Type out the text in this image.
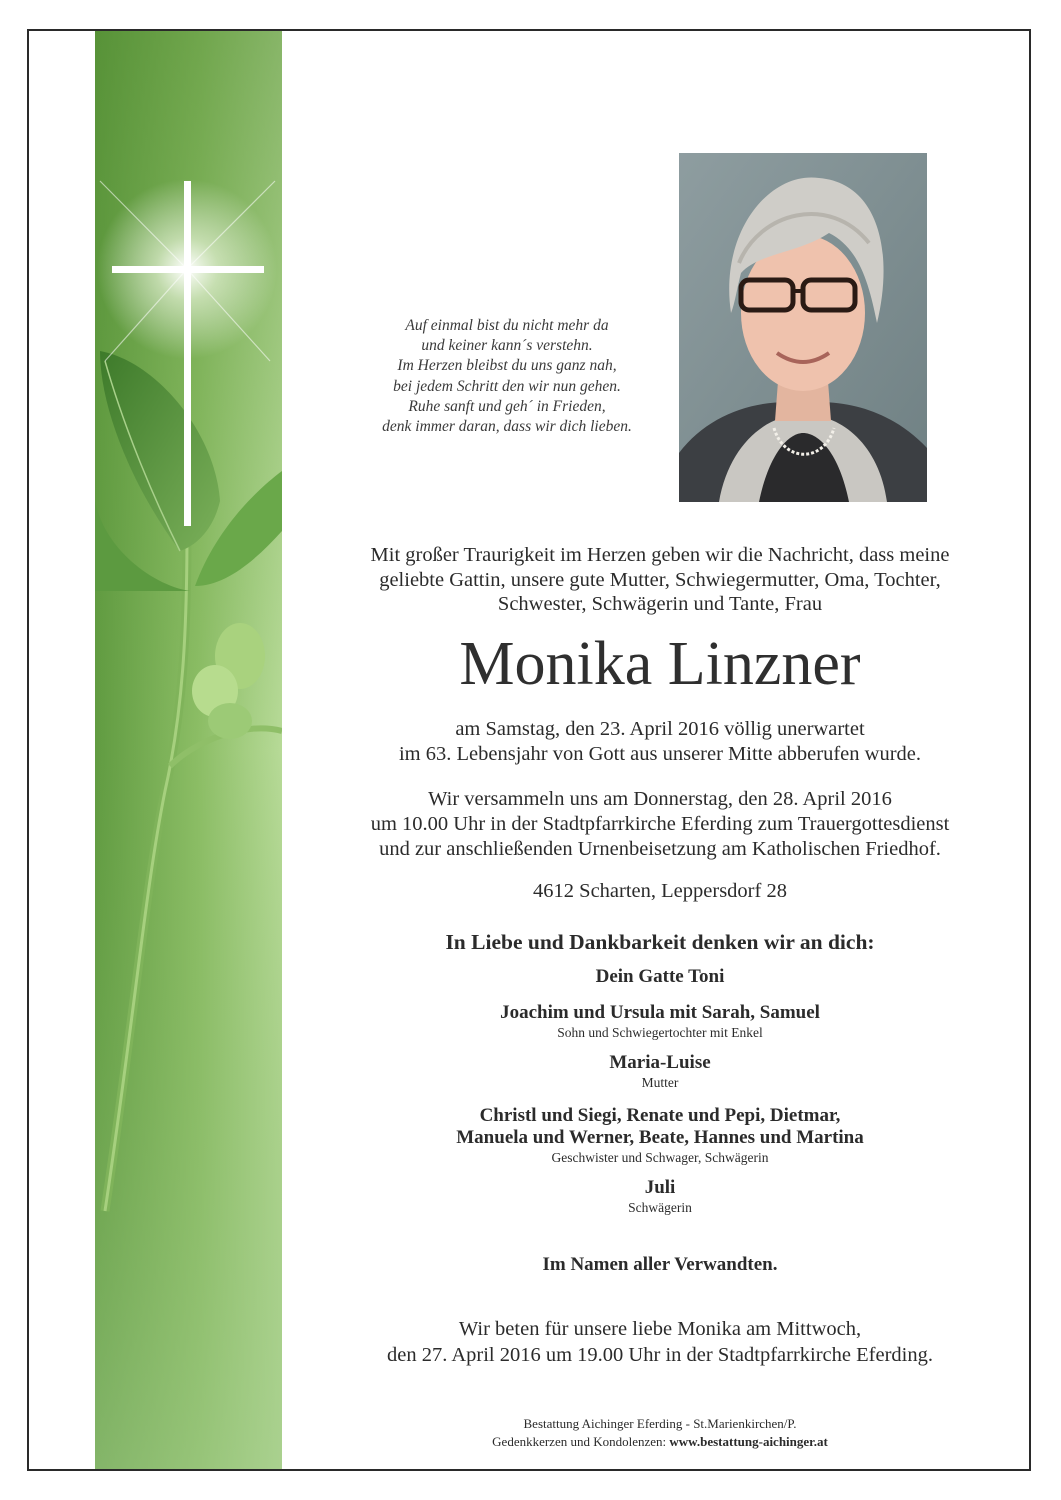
Auf einmal bist du nicht mehr da
und keiner kann´s verstehn.
Im Herzen bleibst du uns ganz nah,
bei jedem Schritt den wir nun gehen.
Ruhe sanft und geh´ in Frieden,
denk immer daran, dass wir dich lieben.
Mit großer Traurigkeit im Herzen geben wir die Nachricht, dass meine
geliebte Gattin, unsere gute Mutter, Schwiegermutter, Oma, Tochter,
Schwester, Schwägerin und Tante, Frau
Monika Linzner
am Samstag, den 23. April 2016 völlig unerwartet
im 63. Lebensjahr von Gott aus unserer Mitte abberufen wurde.
Wir versammeln uns am Donnerstag, den 28. April 2016
um 10.00 Uhr in der Stadtpfarrkirche Eferding zum Trauergottesdienst
und zur anschließenden Urnenbeisetzung am Katholischen Friedhof.
4612 Scharten, Leppersdorf 28
In Liebe und Dankbarkeit denken wir an dich:
Dein Gatte Toni
Joachim und Ursula mit Sarah, Samuel
Sohn und Schwiegertochter mit Enkel
Maria-Luise
Mutter
Christl und Siegi, Renate und Pepi, Dietmar,
Manuela und Werner, Beate, Hannes und Martina
Geschwister und Schwager, Schwägerin
Juli
Schwägerin
Im Namen aller Verwandten.
Wir beten für unsere liebe Monika am Mittwoch,
den 27. April 2016 um 19.00 Uhr in der Stadtpfarrkirche Eferding.
Bestattung Aichinger Eferding - St.Marienkirchen/P.
Gedenkkerzen und Kondolenzen: www.bestattung-aichinger.at
